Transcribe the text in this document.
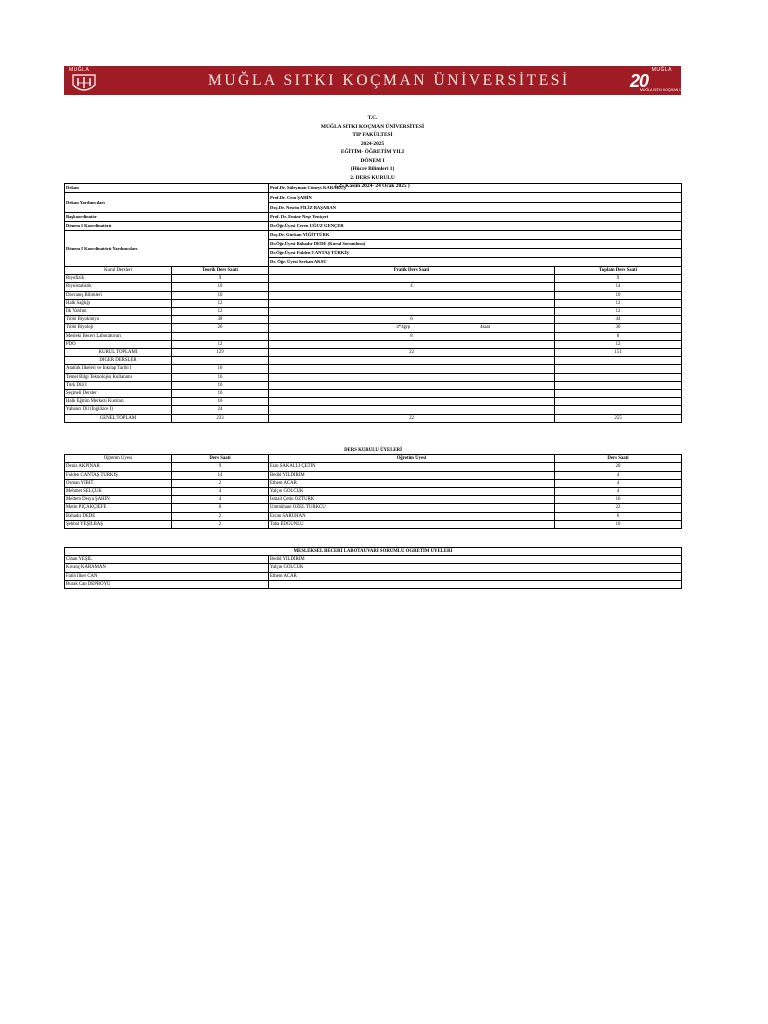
MUĞLA
MUĞLA SITKI KOÇMAN ÜNİVERSİTESİ
MUĞLA
20
MUĞLA SITKI KOÇMAN ÜNİVERSİTESİ
T.C.
MUĞLA SITKI KOÇMAN ÜNİVERSİTESİ
TIP FAKÜLTESİ
2024-2025
EĞİTİM- ÖĞRETİM YILI
DÖNEM I
(Hücre Bilimleri 1)
2. DERS KURULU
( 25 Kasım 2024- 24 Ocak 2025 )
Dekan	Prof.Dr. Süleyman Cüneyt KARAKUŞ
Dekan Yardımcıları	Prof.Dr. Cem ŞAHİN
	Doç.Dr. Nesrin FİLİZ BAŞARAN
Başkoordinatör	Prof. Dr. Emine Neşe Yeniçeri
Dönem I Koordinatörü	Dr.Öğr.Üyesi Ceren UĞUZ GENÇER
Dönem I Koordinatörü Yardımcıları	Doç.Dr. Gürkan YİĞİTTÜRK
	Dr.Öğr.Üyesi Bahadır DEDE (Kurul Sorumlusu)
	Dr.Öğr.Üyesi Fulden CANTAŞ TÜRKİŞ
	Dr. Öğr. Üyesi Serkan AKSU
Kurul Dersleri	Teorik Ders Saati	Pratik Ders Saati	Toplam Ders Saati
Biyofizik	9		9
Biyoistatistik	10	4	14
Davranış Bilimleri	10		10
Halk Sağlığı	12		12
İlk Yardım	12		12
Tıbbi Biyokimya	38	6	44
Tıbbi Biyoloji	26	4*4grp 4saat	30
Mesleki Beceri Laboratuvarı		8	8
PDÖ	12		12
KURUL TOPLAMI	129	22	151
DİĞER DERSLER			
Atatürk İlkeleri ve İnkılap Tarihi I	16		
Temel Bilgi Teknolojisi Kullanımı	16		
Türk Dili I	16		
Seçmeli Dersler	16		
Halk Eğitim Merkezi Kursları	16		
Yabancı Dil (İngilizce I)	24		
GENEL TOPLAM	233	22	255
DERS KURULU ÜYELERİ			
Öğretim Üyesi	Ders Saati	Öğretim Üyesi	Ders Saati
Deniz AKPINAR	9	Esin SAKALLI ÇETİN	20
Fulden CANTAŞ TÜRKİŞ	14	Bedid YILDIRIM	4
Osman YIBIT	2	Ethem ACAR	4
Mehmet SELÇUK	4	Yalçın GÖLCÜK	4
Meltem Derya ŞAHİN	4	İsmail Çetin ÖZTÜRK	16
Metin PIÇAKÇIEFE	8	Ümmühani ÖZEL TÜRKCÜ	22
Bahadır DEDE	2	Ercan SARUHAN	6
Şehbal YEŞİLBAŞ	2	Taha EDGÜNLÜ	10
MESLEKSEL BECERİ LABOTAUVARI SORUMLU ÖĞRETİM ÜYELERİ	
Cihan YEŞİL	Bedid YILDIRIM
Kıvanç KARAMAN	Yalçın GÖLCÜK
Fatih İlker CAN	Ethem ACAR
Burak Can DEPBOYU	
